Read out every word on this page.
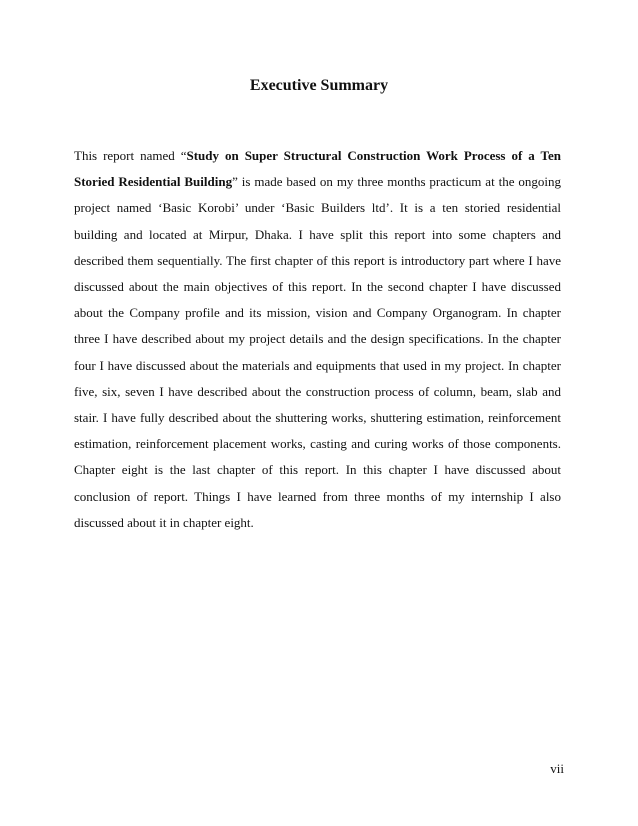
Executive Summary

This report named “Study on Super Structural Construction Work Process of a Ten Storied Residential Building” is made based on my three months practicum at the ongoing project named ‘Basic Korobi’ under ‘Basic Builders ltd’. It is a ten storied residential building and located at Mirpur, Dhaka. I have split this report into some chapters and described them sequentially. The first chapter of this report is introductory part where I have discussed about the main objectives of this report. In the second chapter I have discussed about the Company profile and its mission, vision and Company Organogram. In chapter three I have described about my project details and the design specifications. In the chapter four I have discussed about the materials and equipments that used in my project. In chapter five, six, seven I have described about the construction process of column, beam, slab and stair. I have fully described about the shuttering works, shuttering estimation, reinforcement estimation, reinforcement placement works, casting and curing works of those components. Chapter eight is the last chapter of this report. In this chapter I have discussed about conclusion of report. Things I have learned from three months of my internship I also discussed about it in chapter eight.

vii
